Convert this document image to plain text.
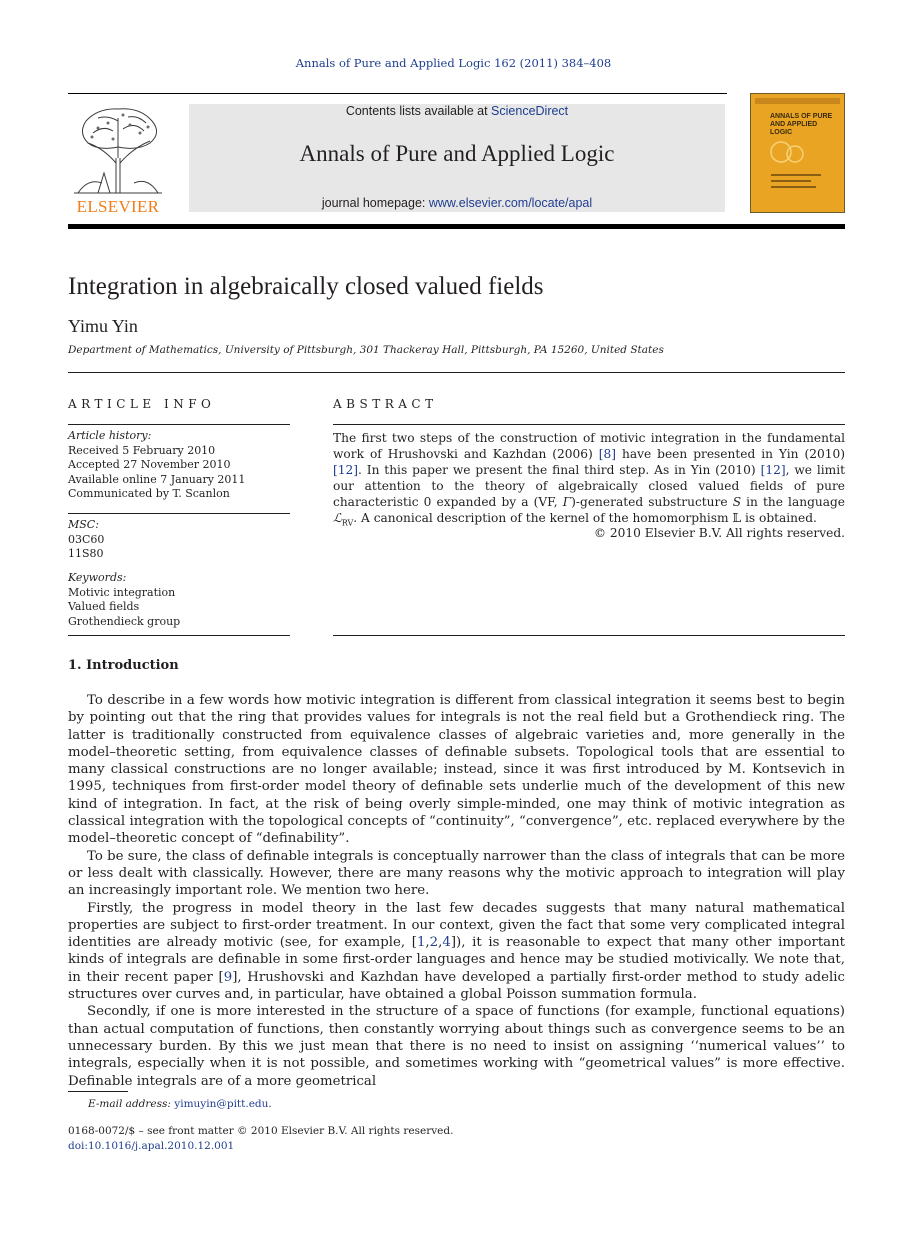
Annals of Pure and Applied Logic 162 (2011) 384–408
ELSEVIER
Contents lists available at ScienceDirect
Annals of Pure and Applied Logic
journal homepage: www.elsevier.com/locate/apal
ANNALS OF PURE AND APPLIED LOGIC
Integration in algebraically closed valued fields
Yimu Yin
Department of Mathematics, University of Pittsburgh, 301 Thackeray Hall, Pittsburgh, PA 15260, United States
ARTICLE INFO
Article history:
Received 5 February 2010
Accepted 27 November 2010
Available online 7 January 2011
Communicated by T. Scanlon
MSC:
03C60
11S80
Keywords:
Motivic integration
Valued fields
Grothendieck group
ABSTRACT
The first two steps of the construction of motivic integration in the fundamental work of Hrushovski and Kazhdan (2006) [8] have been presented in Yin (2010) [12]. In this paper we present the final third step. As in Yin (2010) [12], we limit our attention to the theory of algebraically closed valued fields of pure characteristic 0 expanded by a (VF, Γ)-generated substructure S in the language ℒ$_{RV}$. A canonical description of the kernel of the homomorphism 𝕃 is obtained.
© 2010 Elsevier B.V. All rights reserved.
1. Introduction

To describe in a few words how motivic integration is different from classical integration it seems best to begin by pointing out that the ring that provides values for integrals is not the real field but a Grothendieck ring. The latter is traditionally constructed from equivalence classes of algebraic varieties and, more generally in the model–theoretic setting, from equivalence classes of definable subsets. Topological tools that are essential to many classical constructions are no longer available; instead, since it was first introduced by M. Kontsevich in 1995, techniques from first-order model theory of definable sets underlie much of the development of this new kind of integration. In fact, at the risk of being overly simple-minded, one may think of motivic integration as classical integration with the topological concepts of “continuity”, “convergence”, etc. replaced everywhere by the model–theoretic concept of “definability”.

To be sure, the class of definable integrals is conceptually narrower than the class of integrals that can be more or less dealt with classically. However, there are many reasons why the motivic approach to integration will play an increasingly important role. We mention two here.

Firstly, the progress in model theory in the last few decades suggests that many natural mathematical properties are subject to first-order treatment. In our context, given the fact that some very complicated integral identities are already motivic (see, for example, [1,2,4]), it is reasonable to expect that many other important kinds of integrals are definable in some first-order languages and hence may be studied motivically. We note that, in their recent paper [9], Hrushovski and Kazhdan have developed a partially first-order method to study adelic structures over curves and, in particular, have obtained a global Poisson summation formula.

Secondly, if one is more interested in the structure of a space of functions (for example, functional equations) than actual computation of functions, then constantly worrying about things such as convergence seems to be an unnecessary burden. By this we just mean that there is no need to insist on assigning ‘‘numerical values’’ to integrals, especially when it is not possible, and sometimes working with “geometrical values” is more effective. Definable integrals are of a more geometrical

E-mail address: yimuyin@pitt.edu.
0168-0072/$ – see front matter © 2010 Elsevier B.V. All rights reserved.
doi:10.1016/j.apal.2010.12.001
